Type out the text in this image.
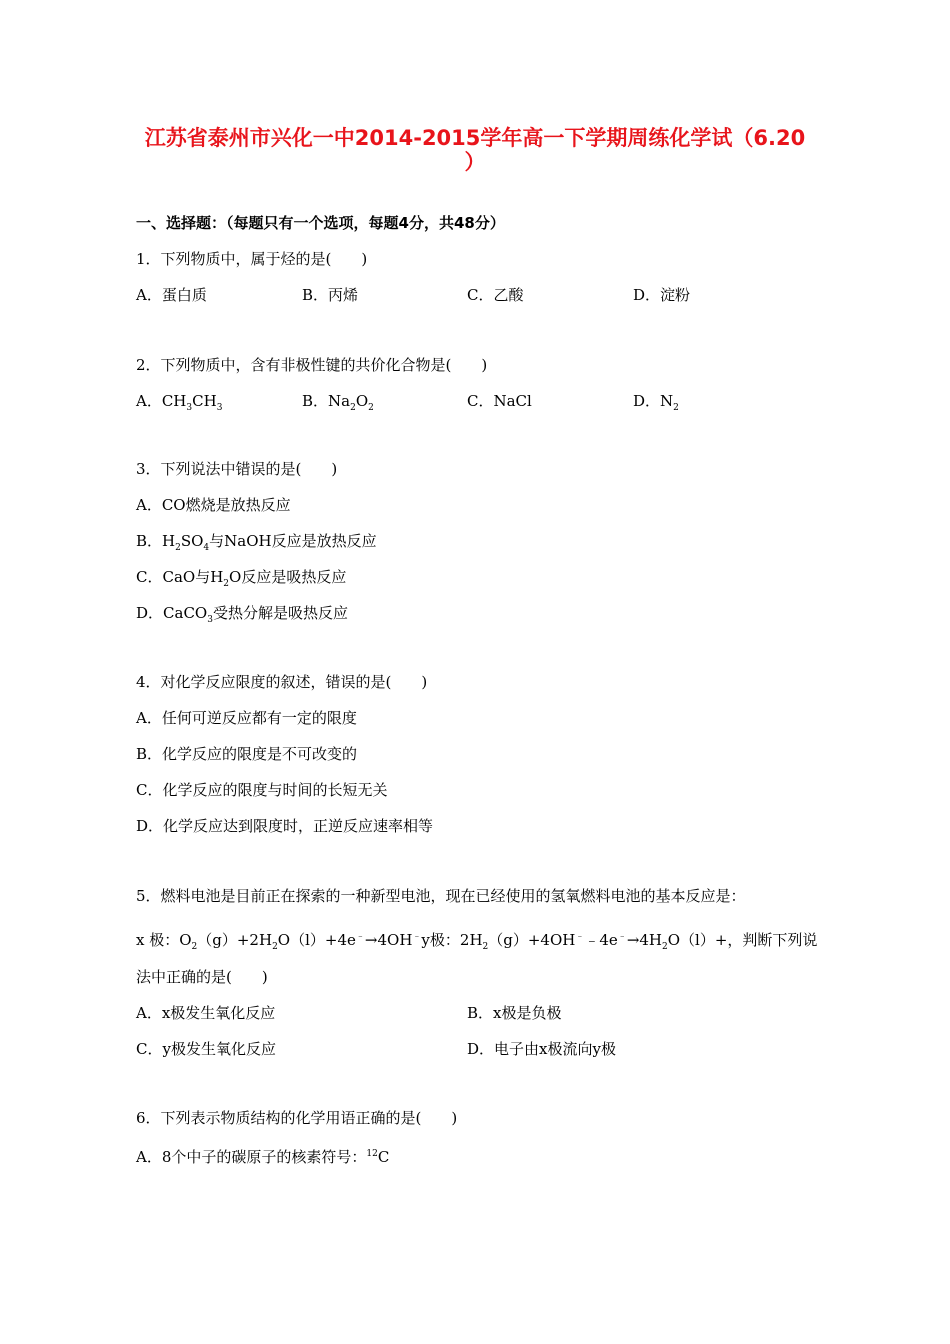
江苏省泰州市兴化一中2014-2015学年高一下学期周练化学试（6.20
）
一、选择题：（每题只有一个选项，每题4分，共48分）
1．下列物质中，属于烃的是(　　)
A．蛋白质	B．丙烯	C．乙酸	D．淀粉
2．下列物质中，含有非极性键的共价化合物是(　　)
A．$CH_3CH_3$	B．$Na_2O_2$	C．NaCl	D．$N_2$
3．下列说法中错误的是(　　)
A．CO燃烧是放热反应
B．$H_2SO_4$与NaOH反应是放热反应
C．CaO与$H_2O$反应是吸热反应
D．CaCO$_3$受热分解是吸热反应
4．对化学反应限度的叙述，错误的是(　　)
A．任何可逆反应都有一定的限度
B．化学反应的限度是不可改变的
C．化学反应的限度与时间的长短无关
D．化学反应达到限度时，正逆反应速率相等
5．燃料电池是目前正在探索的一种新型电池，现在已经使用的氢氧燃料电池的基本反应是：
x 极：$O_2(g)+2H_2O(l)+4e^﹣\to 4OH^﹣y$极：$2H_2(g)+4OH^﹣﹣4e^﹣\to 4H_2O(l)+$，判断下列说
法中正确的是(　　)
A．x极发生氧化反应	B．x极是负极
C．y极发生氧化反应	D．电子由x极流向y极
6．下列表示物质结构的化学用语正确的是(　　)
A．8个中子的碳原子的核素符号：$^{12}$C
